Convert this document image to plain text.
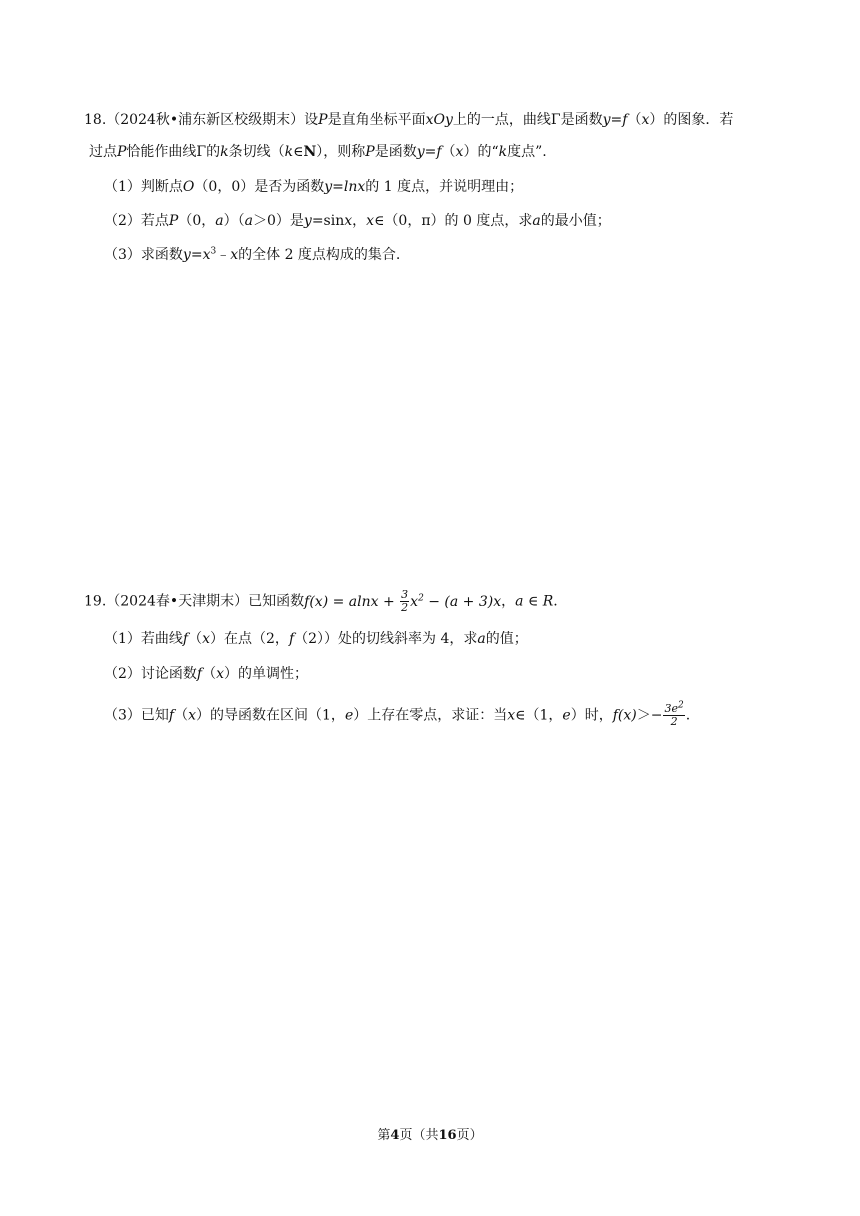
18.（2024秋•浦东新区校级期末）设P是直角坐标平面xOy上的一点，曲线Γ是函数y=f（x）的图象．若
过点P恰能作曲线Γ的k条切线（k∈N），则称P是函数y=f（x）的“k度点”.
（1）判断点O（0，0）是否为函数y=lnx的 1 度点，并说明理由；
（2）若点P（0，a）（a＞0）是y=sinx，x∈（0，π）的 0 度点，求a的最小值；
（3）求函数$y=x^3﹣x$的全体 2 度点构成的集合.
19.（2024春•天津期末）已知函数$f(x) = alnx + \frac{3}{2} x^2 - (a + 3)x$，a ∈ R.
（1）若曲线f（x）在点（2，f（2））处的切线斜率为 4，求a的值；
（2）讨论函数f（x）的单调性；
（3）已知f（x）的导函数在区间（1，e）上存在零点，求证：当x∈（1，e）时，$f(x)>- \frac{3e^2}{2}$ .
第4页（共16页）
